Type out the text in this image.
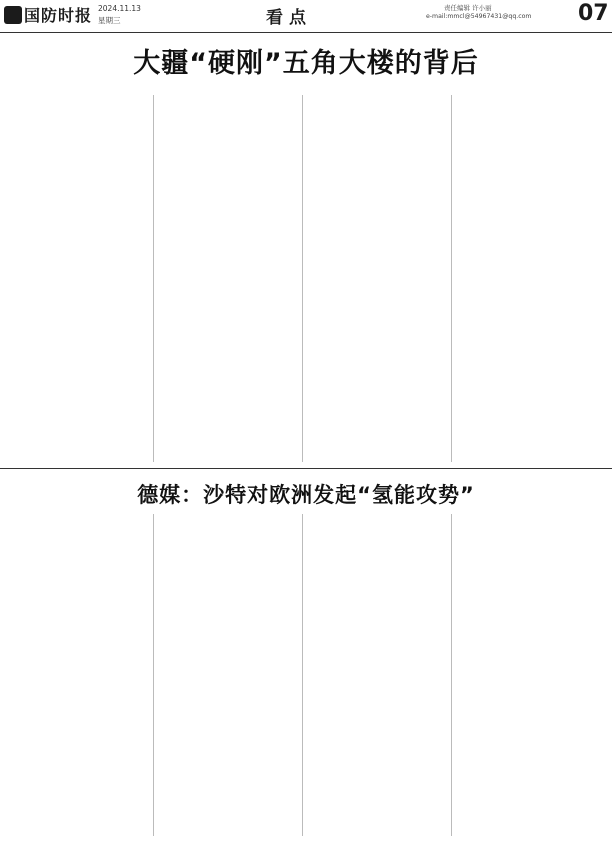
国防时报 2024.11.13
星期三	看点	责任编辑 许小丽
e-mail:mmcl@54967431@qq.com 07
大疆“硬刚”五角大楼的背后

德媒：沙特对欧洲发起“氢能攻势”
